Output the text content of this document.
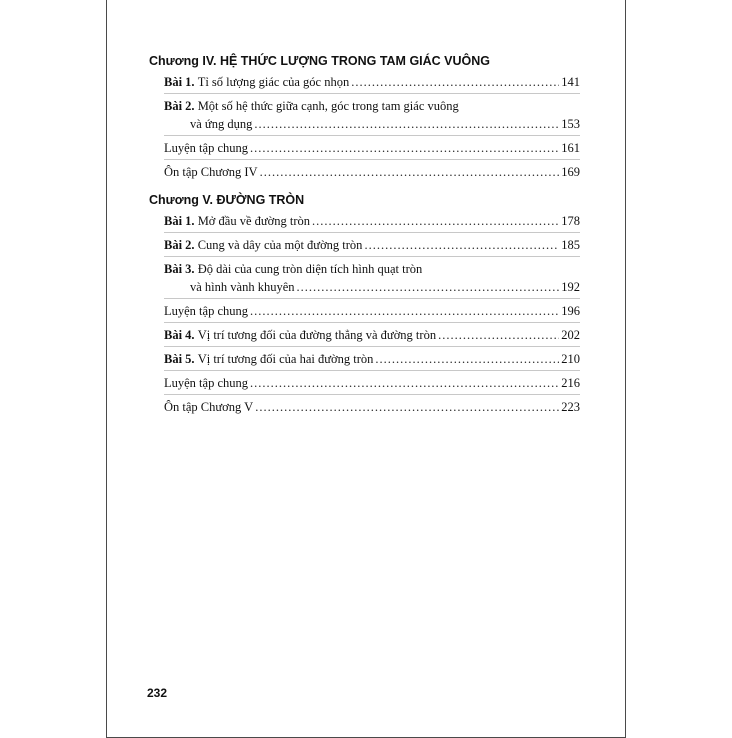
Chương IV. HỆ THỨC LƯỢNG TRONG TAM GIÁC VUÔNG
Bài 1. Tỉ số lượng giác của góc nhọn .....	141
Bài 2. Một số hệ thức giữa cạnh, góc trong tam giác vuông
và ứng dụng .....	153
Luyện tập chung .....	161
Ôn tập Chương IV .....	169
Chương V. ĐƯỜNG TRÒN
Bài 1. Mở đầu về đường tròn .....	178
Bài 2. Cung và dây của một đường tròn .....	185
Bài 3. Độ dài của cung tròn diện tích hình quạt tròn
và hình vành khuyên .....	192
Luyện tập chung .....	196
Bài 4. Vị trí tương đối của đường thẳng và đường tròn .....	202
Bài 5. Vị trí tương đối của hai đường tròn .....	210
Luyện tập chung .....	216
Ôn tập Chương V .....	223
232
